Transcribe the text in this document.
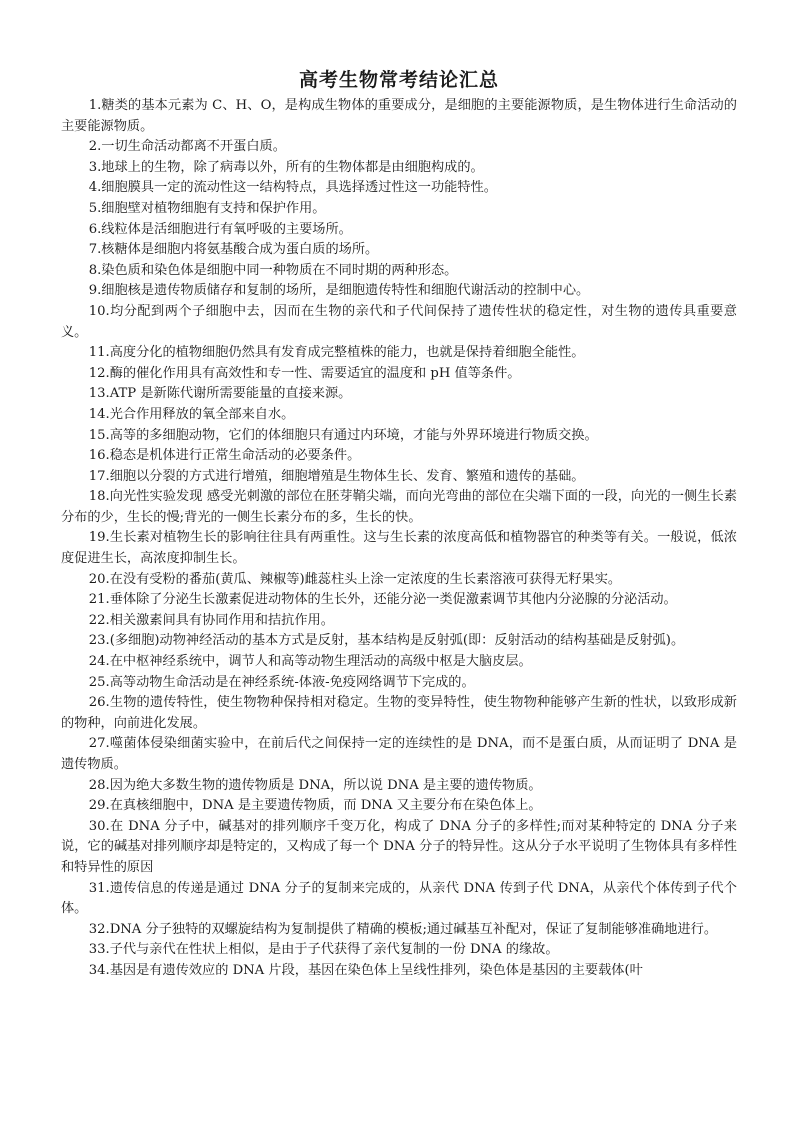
高考生物常考结论汇总

1.糖类的基本元素为 C、H、O，是构成生物体的重要成分，是细胞的主要能源物质，是生物体进行生命活动的主要能源物质。

2.一切生命活动都离不开蛋白质。

3.地球上的生物，除了病毒以外，所有的生物体都是由细胞构成的。

4.细胞膜具一定的流动性这一结构特点，具选择透过性这一功能特性。

5.细胞壁对植物细胞有支持和保护作用。

6.线粒体是活细胞进行有氧呼吸的主要场所。

7.核糖体是细胞内将氨基酸合成为蛋白质的场所。

8.染色质和染色体是细胞中同一种物质在不同时期的两种形态。

9.细胞核是遗传物质储存和复制的场所，是细胞遗传特性和细胞代谢活动的控制中心。

10.均分配到两个子细胞中去，因而在生物的亲代和子代间保持了遗传性状的稳定性，对生物的遗传具重要意义。

11.高度分化的植物细胞仍然具有发育成完整植株的能力，也就是保持着细胞全能性。

12.酶的催化作用具有高效性和专一性、需要适宜的温度和 pH 值等条件。

13.ATP 是新陈代谢所需要能量的直接来源。

14.光合作用释放的氧全部来自水。

15.高等的多细胞动物，它们的体细胞只有通过内环境，才能与外界环境进行物质交换。

16.稳态是机体进行正常生命活动的必要条件。

17.细胞以分裂的方式进行增殖，细胞增殖是生物体生长、发育、繁殖和遗传的基础。

18.向光性实验发现 感受光刺激的部位在胚芽鞘尖端，而向光弯曲的部位在尖端下面的一段，向光的一侧生长素分布的少，生长的慢;背光的一侧生长素分布的多，生长的快。

19.生长素对植物生长的影响往往具有两重性。这与生长素的浓度高低和植物器官的种类等有关。一般说，低浓度促进生长，高浓度抑制生长。

20.在没有受粉的番茄(黄瓜、辣椒等)雌蕊柱头上涂一定浓度的生长素溶液可获得无籽果实。

21.垂体除了分泌生长激素促进动物体的生长外，还能分泌一类促激素调节其他内分泌腺的分泌活动。

22.相关激素间具有协同作用和拮抗作用。

23.(多细胞)动物神经活动的基本方式是反射，基本结构是反射弧(即：反射活动的结构基础是反射弧)。

24.在中枢神经系统中，调节人和高等动物生理活动的高级中枢是大脑皮层。

25.高等动物生命活动是在神经系统-体液-免疫网络调节下完成的。

26.生物的遗传特性，使生物物种保持相对稳定。生物的变异特性，使生物物种能够产生新的性状，以致形成新的物种，向前进化发展。

27.噬菌体侵染细菌实验中，在前后代之间保持一定的连续性的是 DNA，而不是蛋白质，从而证明了 DNA 是遗传物质。

28.因为绝大多数生物的遗传物质是 DNA，所以说 DNA 是主要的遗传物质。

29.在真核细胞中，DNA 是主要遗传物质，而 DNA 又主要分布在染色体上。

30.在 DNA 分子中，碱基对的排列顺序千变万化，构成了 DNA 分子的多样性;而对某种特定的 DNA 分子来说，它的碱基对排列顺序却是特定的，又构成了每一个 DNA 分子的特异性。这从分子水平说明了生物体具有多样性和特异性的原因

31.遗传信息的传递是通过 DNA 分子的复制来完成的，从亲代 DNA 传到子代 DNA，从亲代个体传到子代个体。

32.DNA 分子独特的双螺旋结构为复制提供了精确的模板;通过碱基互补配对，保证了复制能够准确地进行。

33.子代与亲代在性状上相似，是由于子代获得了亲代复制的一份 DNA 的缘故。

34.基因是有遗传效应的 DNA 片段，基因在染色体上呈线性排列，染色体是基因的主要载体(叶
